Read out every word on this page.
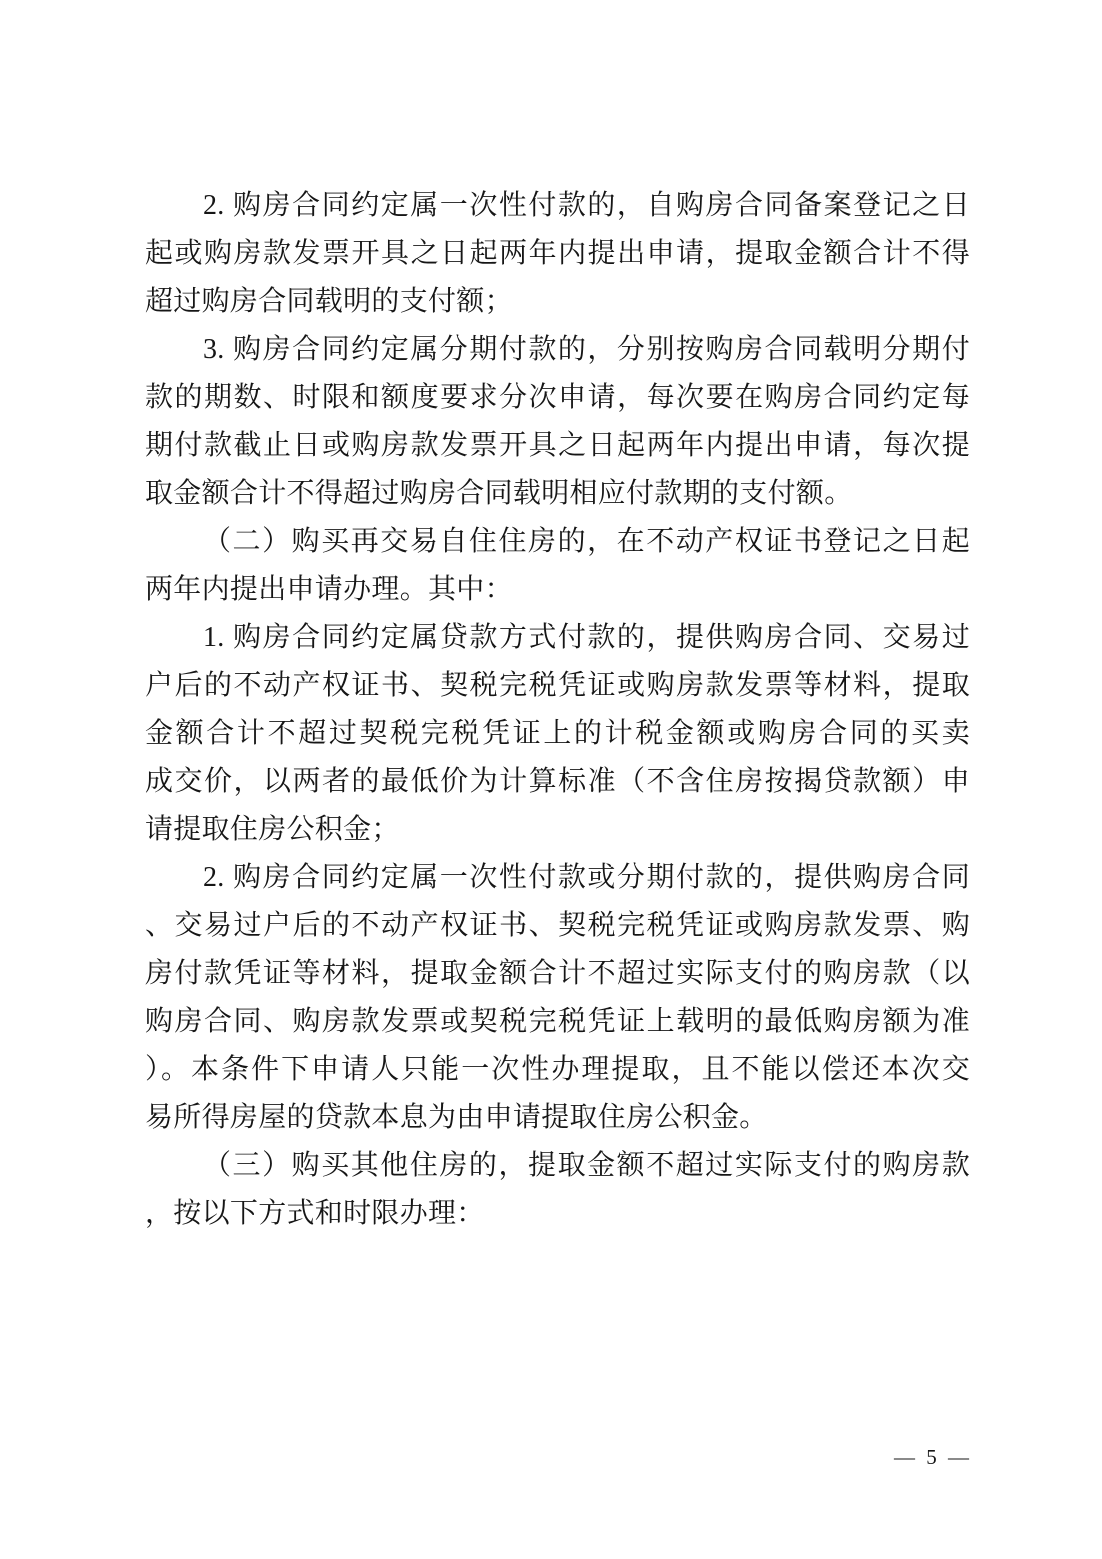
2. 购房合同约定属一次性付款的，自购房合同备案登记之日
起或购房款发票开具之日起两年内提出申请，提取金额合计不得
超过购房合同载明的支付额；
3. 购房合同约定属分期付款的，分别按购房合同载明分期付
款的期数、时限和额度要求分次申请，每次要在购房合同约定每
期付款截止日或购房款发票开具之日起两年内提出申请，每次提
取金额合计不得超过购房合同载明相应付款期的支付额。
（二）购买再交易自住住房的，在不动产权证书登记之日起
两年内提出申请办理。其中：
1. 购房合同约定属贷款方式付款的，提供购房合同、交易过
户后的不动产权证书、契税完税凭证或购房款发票等材料，提取
金额合计不超过契税完税凭证上的计税金额或购房合同的买卖
成交价，以两者的最低价为计算标准（不含住房按揭贷款额）申
请提取住房公积金；
2. 购房合同约定属一次性付款或分期付款的，提供购房合同
、交易过户后的不动产权证书、契税完税凭证或购房款发票、购
房付款凭证等材料，提取金额合计不超过实际支付的购房款（以
购房合同、购房款发票或契税完税凭证上载明的最低购房额为准
）。本条件下申请人只能一次性办理提取，且不能以偿还本次交
易所得房屋的贷款本息为由申请提取住房公积金。
（三）购买其他住房的，提取金额不超过实际支付的购房款
，按以下方式和时限办理：
— 5 —
